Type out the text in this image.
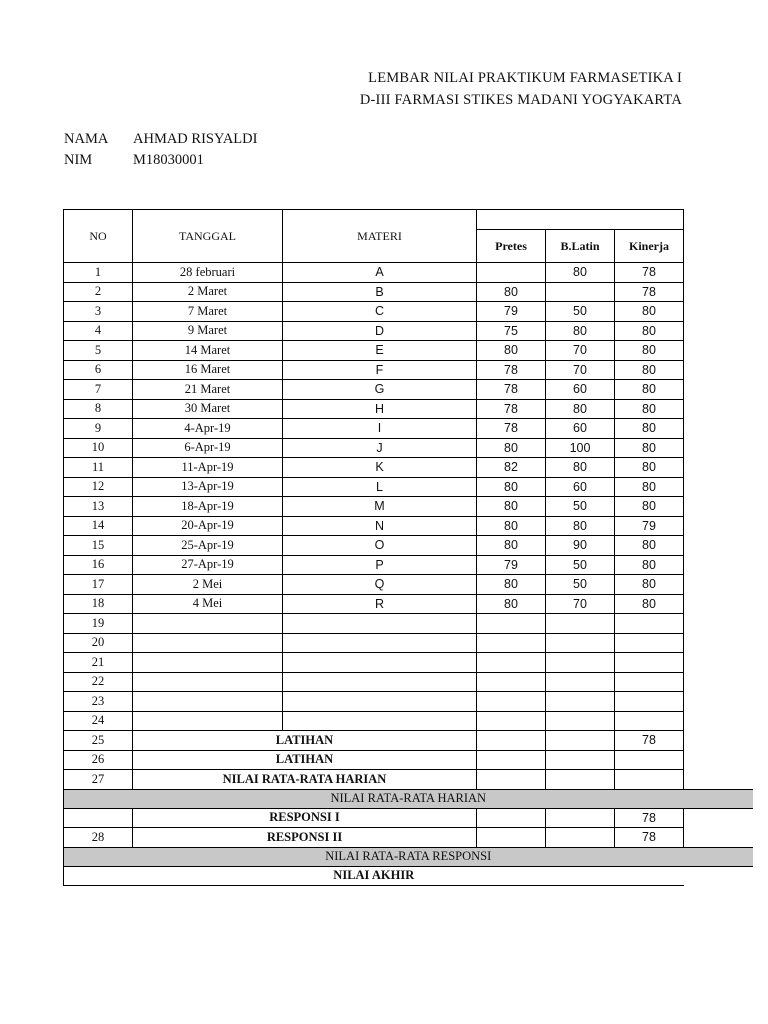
LEMBAR NILAI PRAKTIKUM FARMASETIKA I
D-III FARMASI STIKES MADANI YOGYAKARTA
NAMA AHMAD RISYALDI
NIM	M18030001
NO	TANGGAL	MATERI				
			Pretes	B.Latin	Kinerja	
1	28 februari	A		80	78	
2	2 Maret	B	80		78	
3	7 Maret	C	79	50	80	
4	9 Maret	D	75	80	80	
5	14 Maret	E	80	70	80	
6	16 Maret	F	78	70	80	
7	21 Maret	G	78	60	80	
8	30 Maret	H	78	80	80	
9	4-Apr-19	I	78	60	80	
10	6-Apr-19	J	80	100	80	
11	11-Apr-19	K	82	80	80	
12	13-Apr-19	L	80	60	80	
13	18-Apr-19	M	80	50	80	
14	20-Apr-19	N	80	80	79	
15	25-Apr-19	O	80	90	80	
16	27-Apr-19	P	79	50	80	
17	2 Mei	Q	80	50	80	
18	4 Mei	R	80	70	80	
19						
20						
21						
22						
23						
24						
25	LATIHAN				78	
26	LATIHAN					
27	NILAI RATA-RATA HARIAN					
NILAI RATA-RATA HARIAN						
	RESPONSI I				78	
28	RESPONSI II				78	
NILAI RATA-RATA RESPONSI						
NILAI AKHIR						
